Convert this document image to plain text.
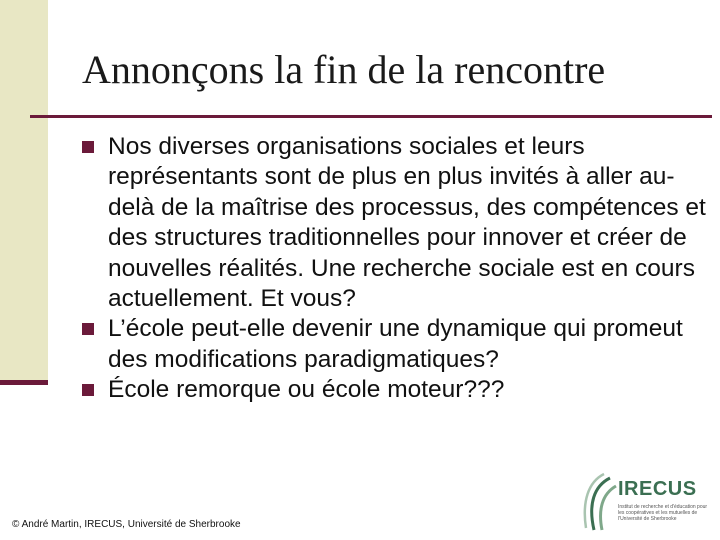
Annonçons la fin de la rencontre
Nos diverses organisations sociales et leurs représentants sont de plus en plus invités à aller au-delà de la maîtrise des processus, des compétences et des structures traditionnelles pour innover et créer de nouvelles réalités. Une recherche sociale est en cours actuellement. Et vous?
L’école peut-elle devenir une dynamique qui promeut des modifications paradigmatiques?
École remorque ou école moteur???
© André Martin, IRECUS, Université de Sherbrooke
IRECUS
Institut de recherche et d'éducation pour les coopératives et les mutuelles de l'Université de Sherbrooke
